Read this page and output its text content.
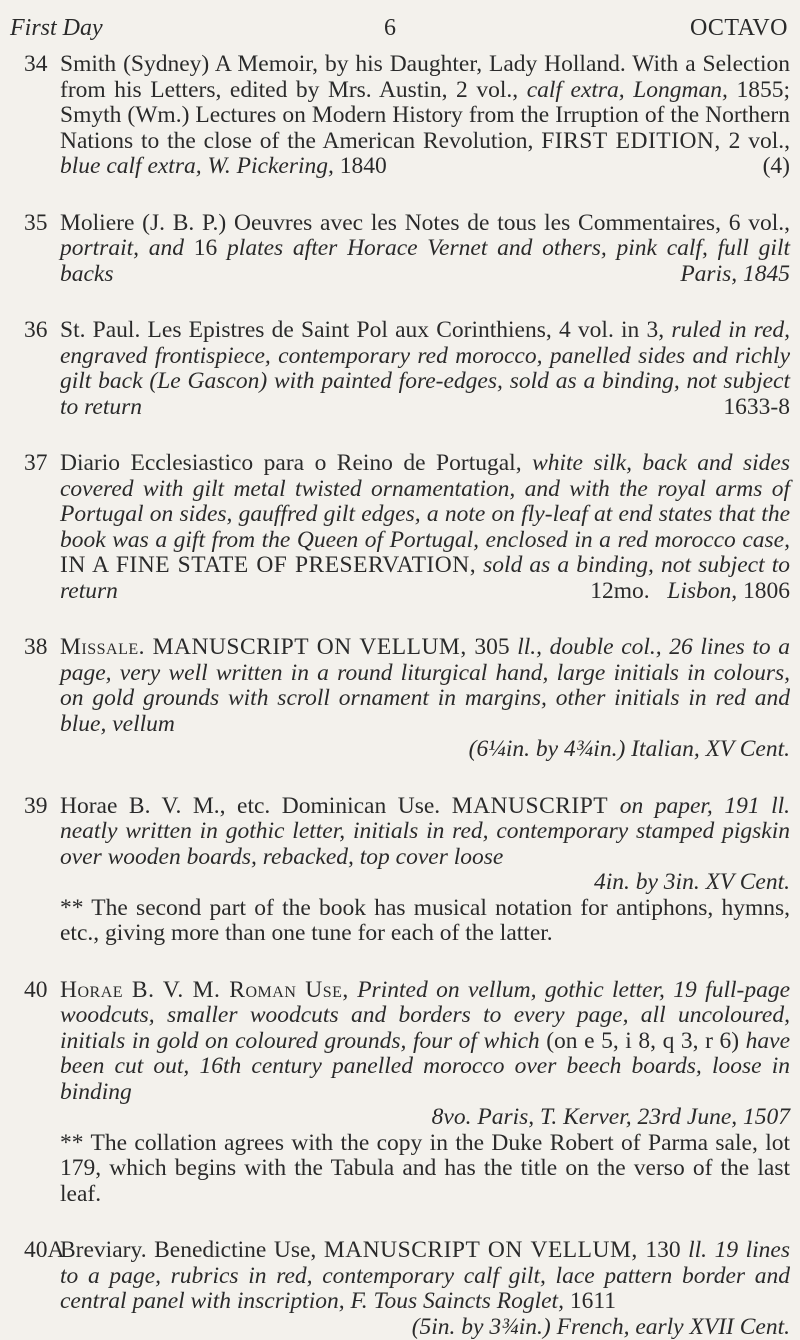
First Day	6	OCTAVO
34 Smith (Sydney) A Memoir, by his Daughter, Lady Holland. With a Selection from his Letters, edited by Mrs. Austin, 2 vol., calf extra, Longman, 1855; Smyth (Wm.) Lectures on Modern History from the Irruption of the Northern Nations to the close of the American Revolution, FIRST EDITION, 2 vol., blue calf extra, W. Pickering, 1840	(4)

35 Moliere (J. B. P.) Oeuvres avec les Notes de tous les Commentaires, 6 vol., portrait, and 16 plates after Horace Vernet and others, pink calf, full gilt backs	Paris, 1845

36 St. Paul. Les Epistres de Saint Pol aux Corinthiens, 4 vol. in 3, ruled in red, engraved frontispiece, contemporary red morocco, panelled sides and richly gilt back (Le Gascon) with painted fore-edges, sold as a binding, not subject to return	1633-8

37 Diario Ecclesiastico para o Reino de Portugal, white silk, back and sides covered with gilt metal twisted ornamentation, and with the royal arms of Portugal on sides, gauffred gilt edges, a note on fly-leaf at end states that the book was a gift from the Queen of Portugal, enclosed in a red morocco case, IN A FINE STATE OF PRESERVATION, sold as a binding, not subject to return	12mo. Lisbon, 1806

38 Missale. MANUSCRIPT ON VELLUM, 305 ll., double col., 26 lines to a page, very well written in a round liturgical hand, large initials in colours, on gold grounds with scroll ornament in margins, other initials in red and blue, vellum

(6¼in. by 4¾in.) Italian, XV Cent.

39 Horae B. V. M., etc. Dominican Use. MANUSCRIPT on paper, 191 ll. neatly written in gothic letter, initials in red, contemporary stamped pigskin over wooden boards, rebacked, top cover loose

4in. by 3in. XV Cent.

** The second part of the book has musical notation for antiphons, hymns, etc., giving more than one tune for each of the latter.

40 Horae B. V. M. Roman Use, Printed on vellum, gothic letter, 19 full-page woodcuts, smaller woodcuts and borders to every page, all uncoloured, initials in gold on coloured grounds, four of which (on e 5, i 8, q 3, r 6) have been cut out, 16th century panelled morocco over beech boards, loose in binding

8vo. Paris, T. Kerver, 23rd June, 1507

** The collation agrees with the copy in the Duke Robert of Parma sale, lot 179, which begins with the Tabula and has the title on the verso of the last leaf.

40A

Breviary. Benedictine Use, MANUSCRIPT ON VELLUM, 130 ll. 19 lines to a page, rubrics in red, contemporary calf gilt, lace pattern border and central panel with inscription, F. Tous Saincts Roglet, 1611
(5in. by 3¾in.) French, early XVII Cent.
